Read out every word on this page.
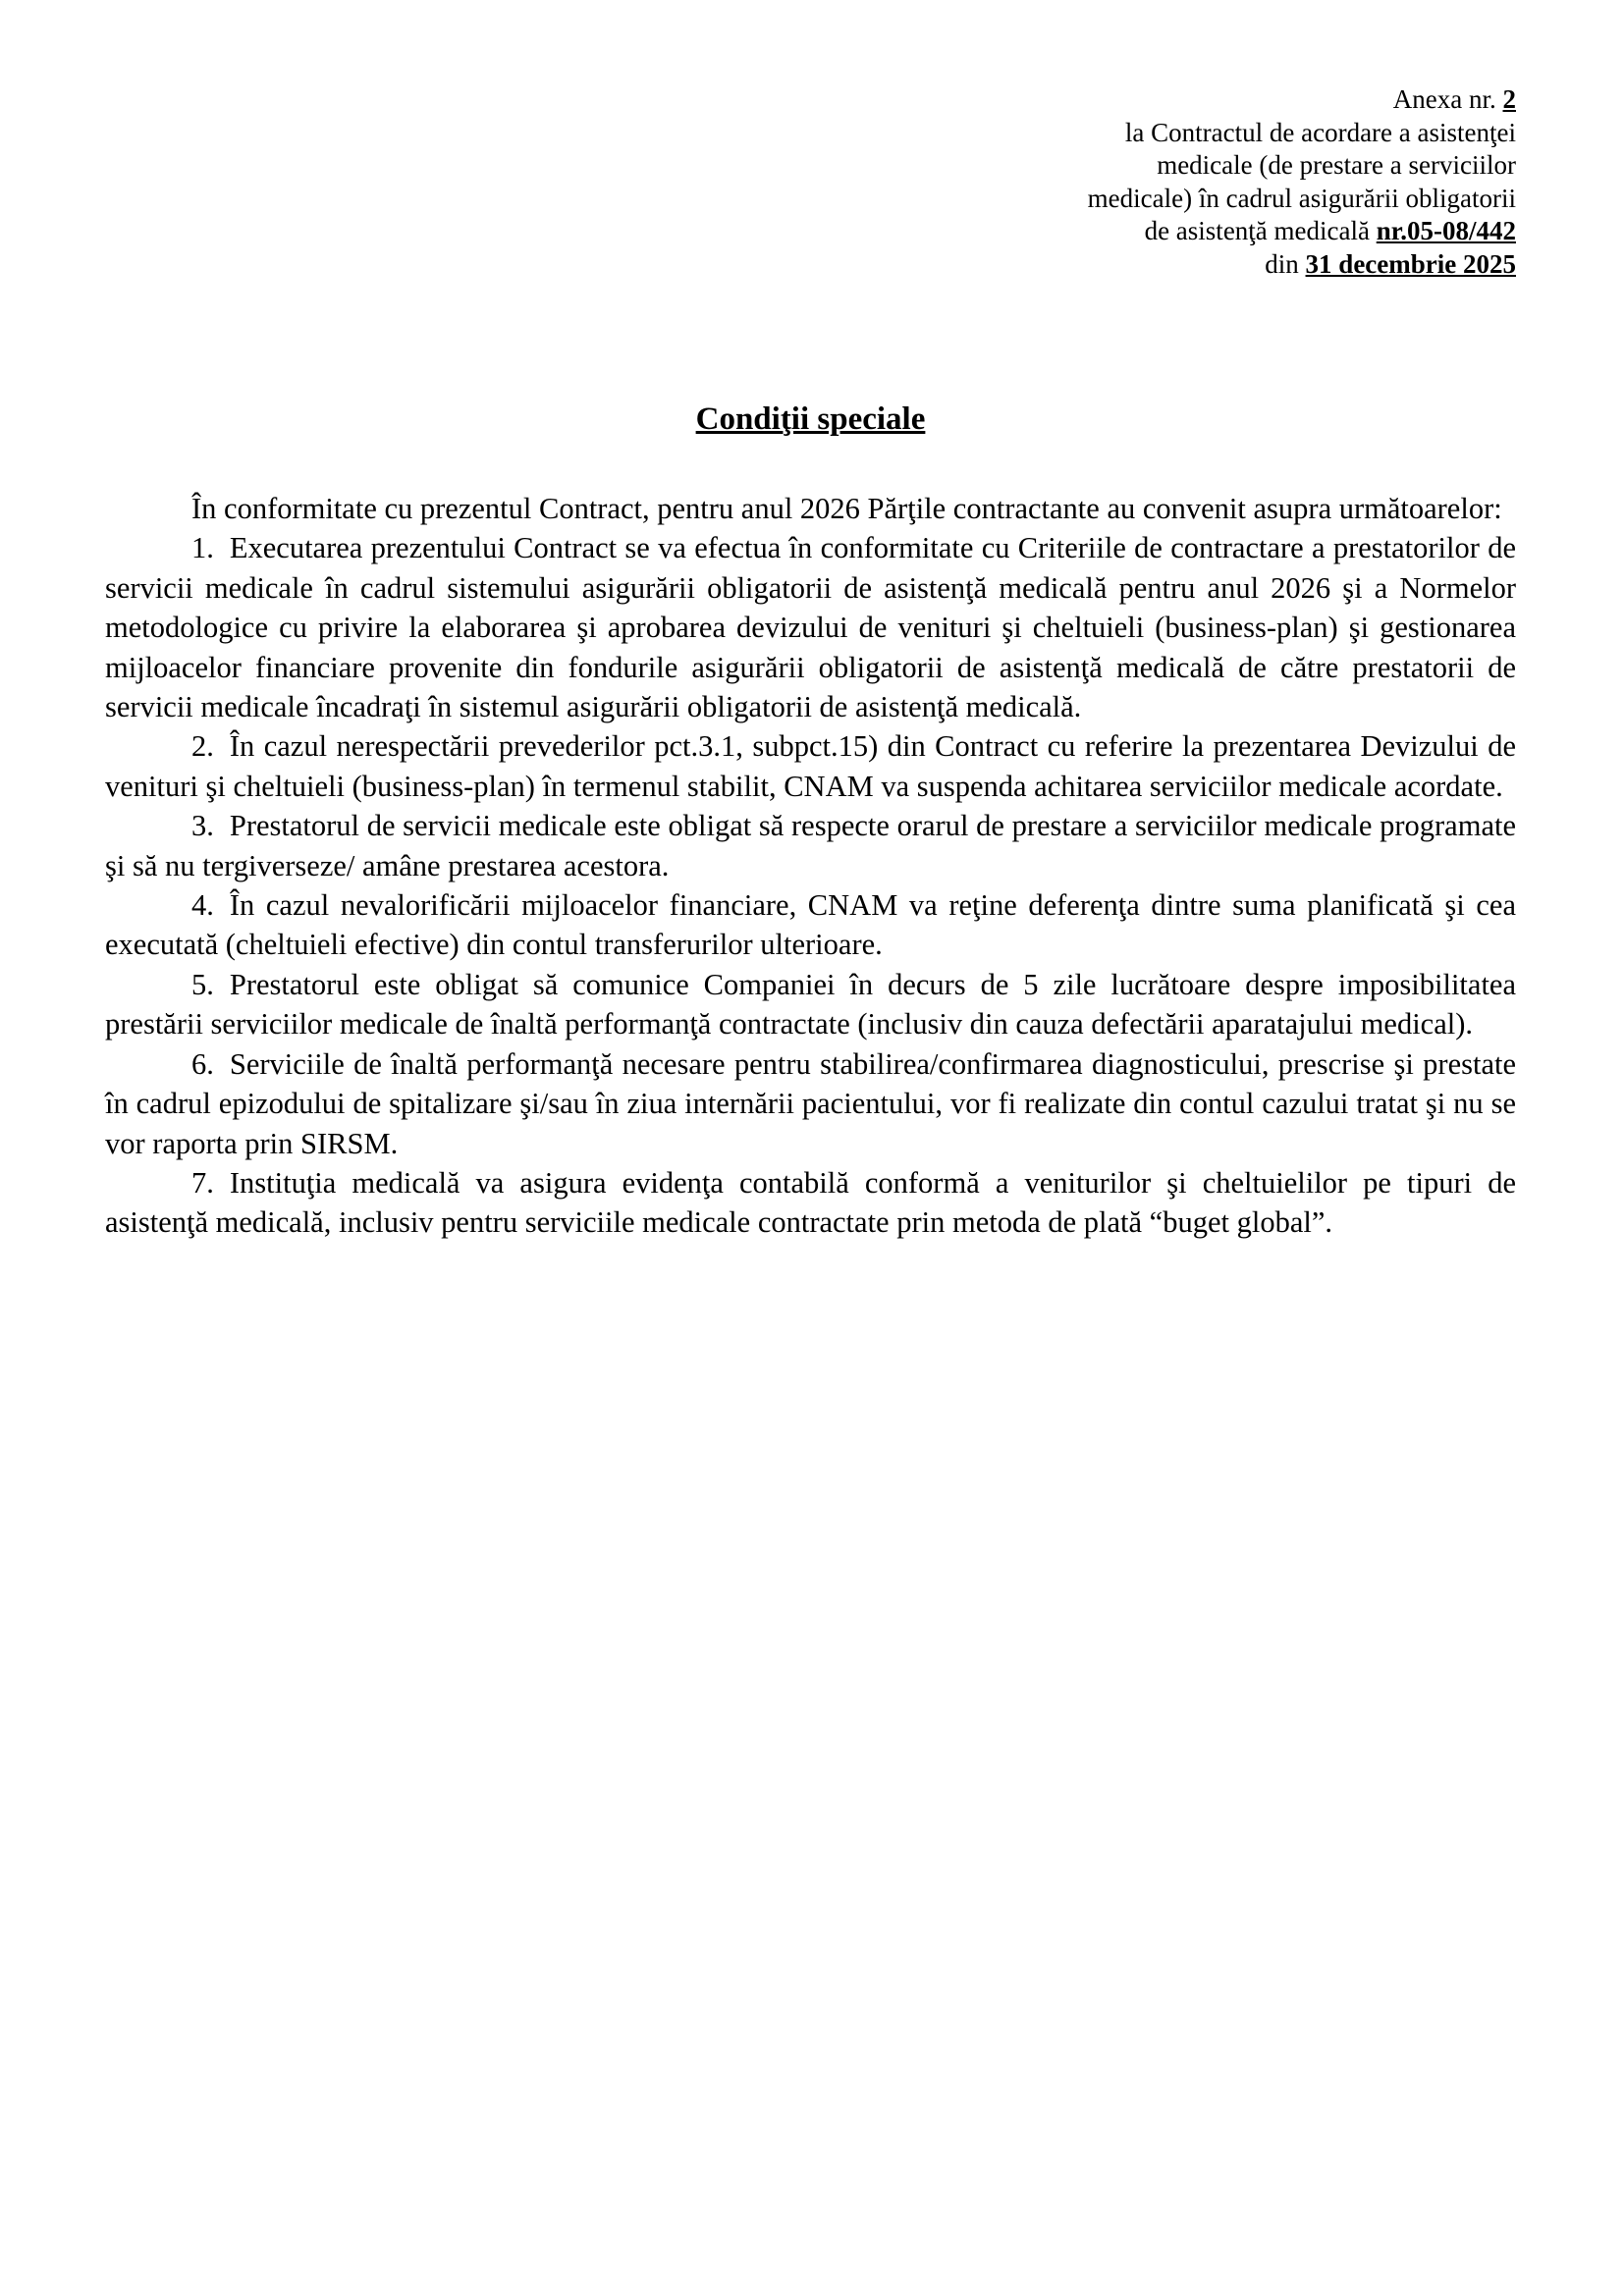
Anexa nr. 2
la Contractul de acordare a asistenţei
medicale (de prestare a serviciilor
medicale) în cadrul asigurării obligatorii
de asistenţă medicală nr.05-08/442
din 31 decembrie 2025
Condiţii speciale

În conformitate cu prezentul Contract, pentru anul 2026 Părţile contractante au convenit asupra următoarelor:

1. Executarea prezentului Contract se va efectua în conformitate cu Criteriile de contractare a prestatorilor de servicii medicale în cadrul sistemului asigurării obligatorii de asistenţă medicală pentru anul 2026 şi a Normelor metodologice cu privire la elaborarea şi aprobarea devizului de venituri şi cheltuieli (business-plan) şi gestionarea mijloacelor financiare provenite din fondurile asigurării obligatorii de asistenţă medicală de către prestatorii de servicii medicale încadraţi în sistemul asigurării obligatorii de asistenţă medicală.

2. În cazul nerespectării prevederilor pct.3.1, subpct.15) din Contract cu referire la prezentarea Devizului de venituri şi cheltuieli (business-plan) în termenul stabilit, CNAM va suspenda achitarea serviciilor medicale acordate.

3. Prestatorul de servicii medicale este obligat să respecte orarul de prestare a serviciilor medicale programate şi să nu tergiverseze/ amâne prestarea acestora.

4. În cazul nevalorificării mijloacelor financiare, CNAM va reţine deferenţa dintre suma planificată şi cea executată (cheltuieli efective) din contul transferurilor ulterioare.

5. Prestatorul este obligat să comunice Companiei în decurs de 5 zile lucrătoare despre imposibilitatea prestării serviciilor medicale de înaltă performanţă contractate (inclusiv din cauza defectării aparatajului medical).

6. Serviciile de înaltă performanţă necesare pentru stabilirea/confirmarea diagnosticului, prescrise şi prestate în cadrul epizodului de spitalizare şi/sau în ziua internării pacientului, vor fi realizate din contul cazului tratat şi nu se vor raporta prin SIRSM.

7. Instituţia medicală va asigura evidenţa contabilă conformă a veniturilor şi cheltuielilor pe tipuri de asistenţă medicală, inclusiv pentru serviciile medicale contractate prin metoda de plată “buget global”.
